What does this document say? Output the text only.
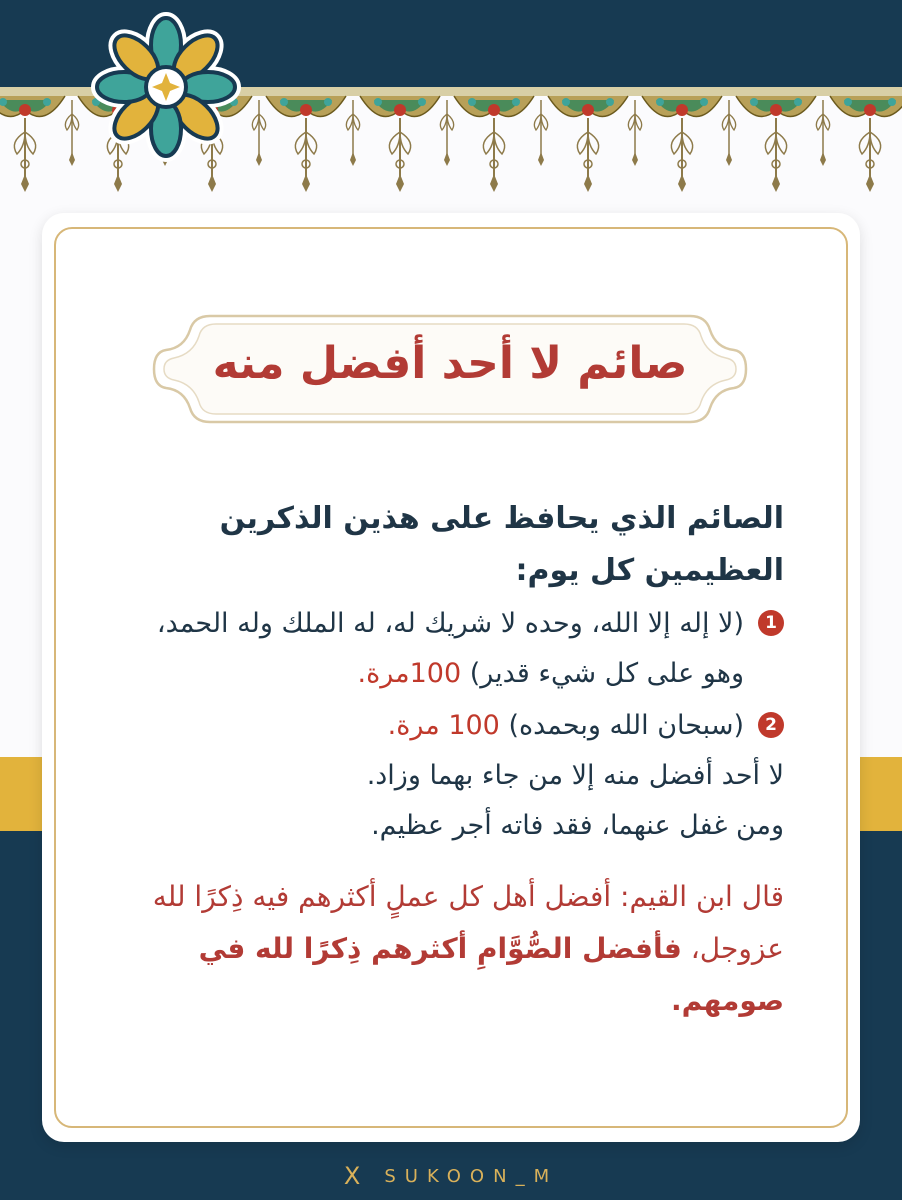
صائم لا أحد أفضل منه
الصائم الذي يحافظ على هذين الذكرين العظيمين كل يوم:
1
(لا إله إلا الله، وحده لا شريك له، له الملك وله الحمد، وهو على كل شيء قدير) 100مرة.
2
(سبحان الله وبحمده) 100 مرة.
لا أحد أفضل منه إلا من جاء بهما وزاد.
ومن غفل عنهما، فقد فاته أجر عظيم.
قال ابن القيم: أفضل أهل كل عملٍ أكثرهم فيه ذِكرًا لله عزوجل، فأفضل الصُّوَّامِ أكثرهم ذِكرًا لله في صومهم.
X SUKOON_M
